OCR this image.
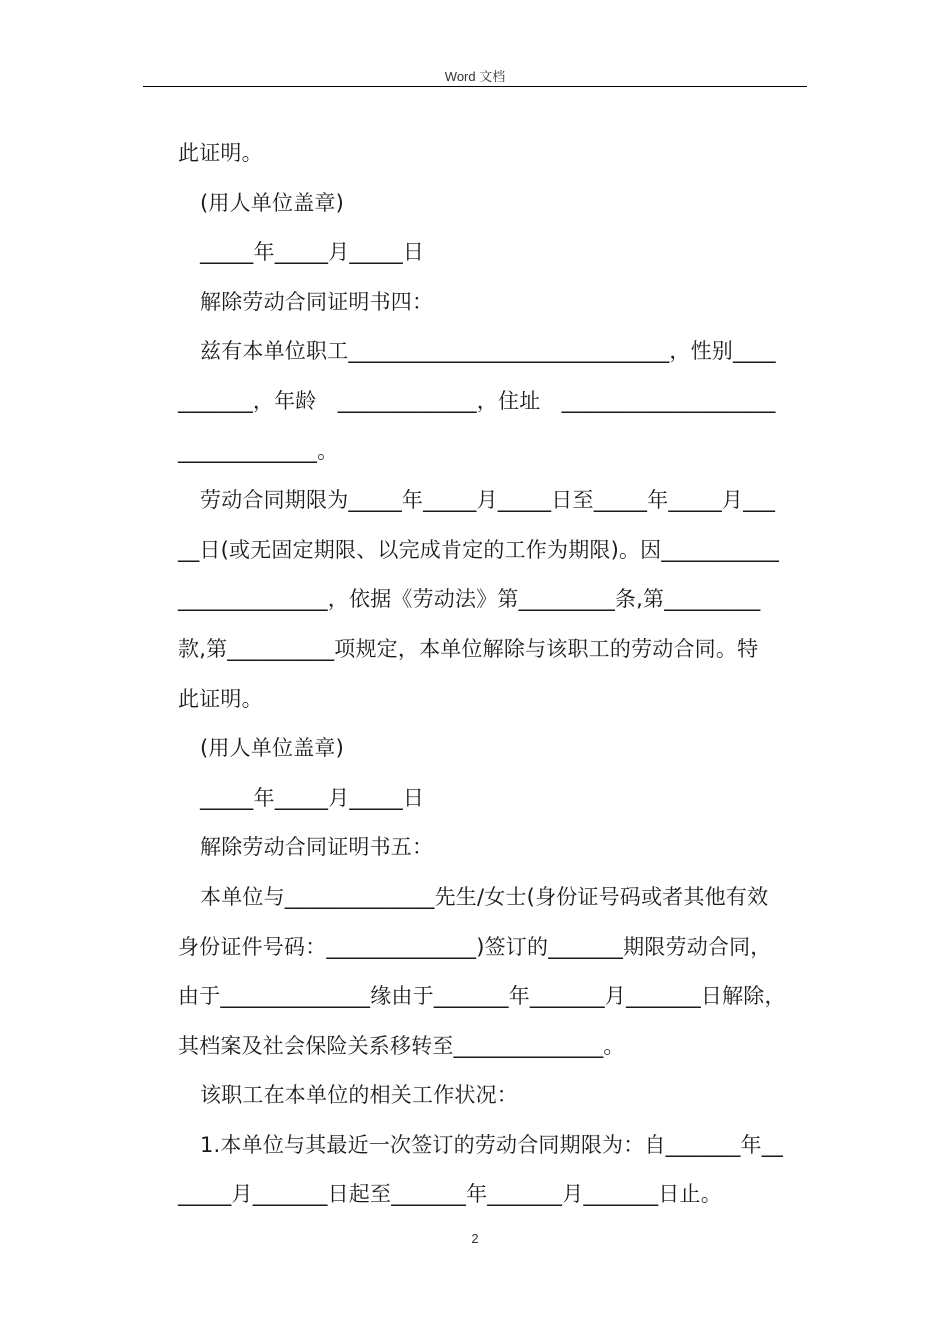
Word 文档
此证明。
(用人单位盖章)
_____年_____月_____日
解除劳动合同证明书四：
兹有本单位职工______________________________，性别____
_______，年龄　_____________，住址　____________________
_____________。
劳动合同期限为_____年_____月_____日至_____年_____月___
__日(或无固定期限、以完成肯定的工作为期限)。因___________
______________，依据《劳动法》第_________条,第_________
款,第__________项规定，本单位解除与该职工的劳动合同。特
此证明。
(用人单位盖章)
_____年_____月_____日
解除劳动合同证明书五：
本单位与______________先生/女士(身份证号码或者其他有效
身份证件号码：______________)签订的_______期限劳动合同，
由于______________缘由于_______年_______月_______日解除，
其档案及社会保险关系移转至______________。
该职工在本单位的相关工作状况：
1.本单位与其最近一次签订的劳动合同期限为：自_______年__
_____月_______日起至_______年_______月_______日止。
2
